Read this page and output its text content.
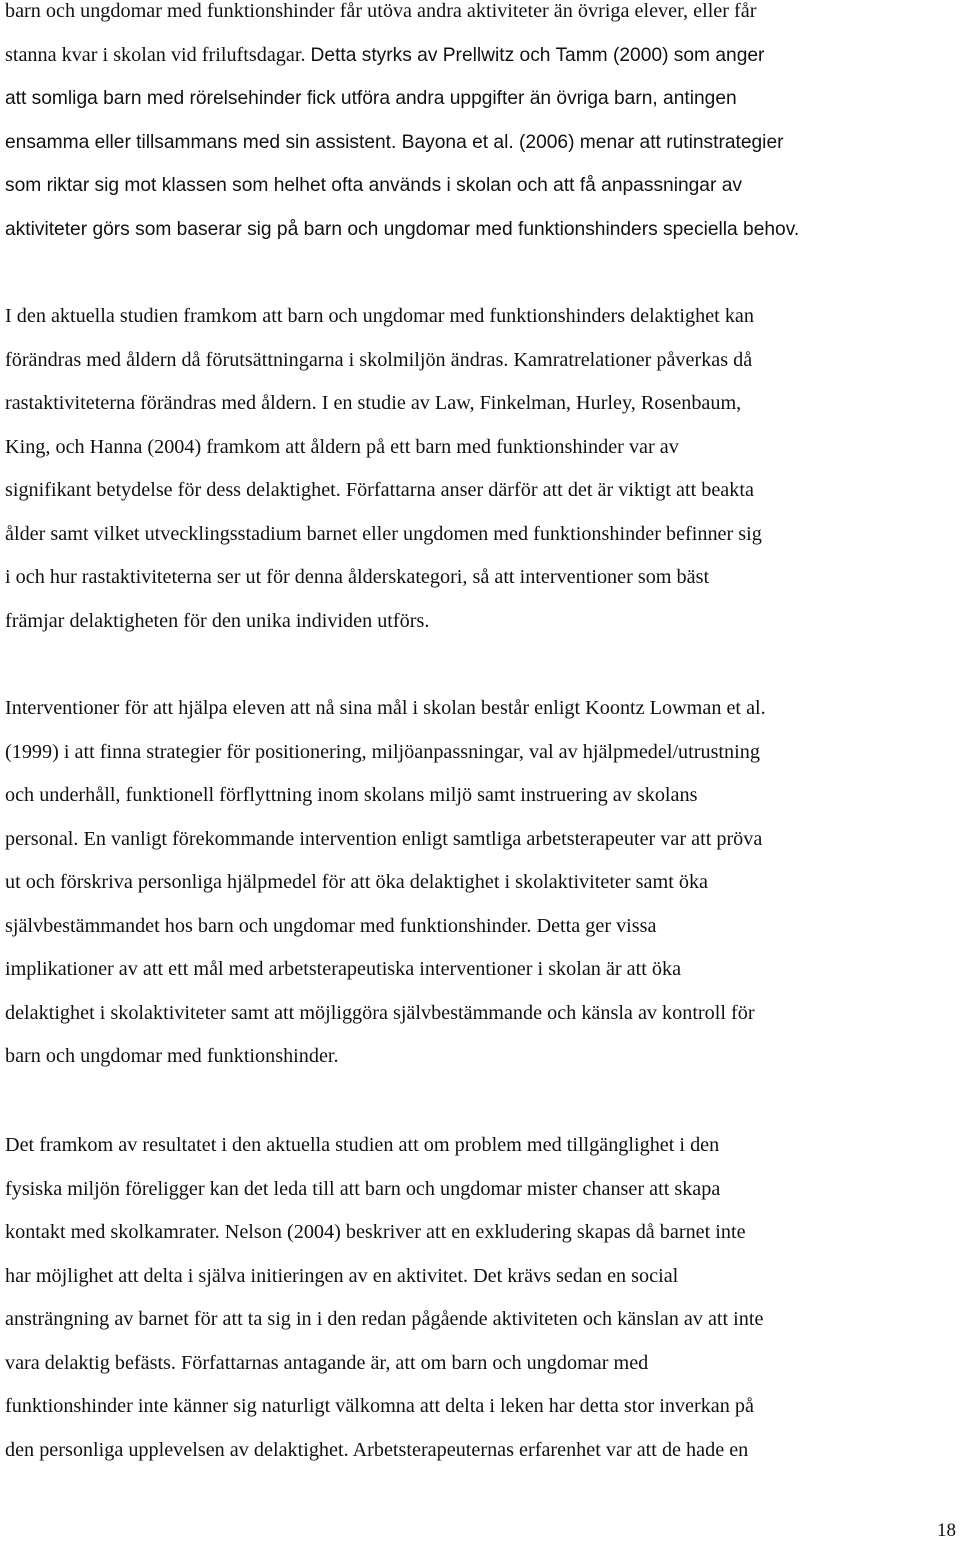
barn och ungdomar med funktionshinder får utöva andra aktiviteter än övriga elever, eller får
stanna kvar i skolan vid friluftsdagar. Detta styrks av Prellwitz och Tamm (2000) som anger
att somliga barn med rörelsehinder fick utföra andra uppgifter än övriga barn, antingen
ensamma eller tillsammans med sin assistent. Bayona et al. (2006) menar att rutinstrategier
som riktar sig mot klassen som helhet ofta används i skolan och att få anpassningar av
aktiviteter görs som baserar sig på barn och ungdomar med funktionshinders speciella behov.
I den aktuella studien framkom att barn och ungdomar med funktionshinders delaktighet kan
förändras med åldern då förutsättningarna i skolmiljön ändras. Kamratrelationer påverkas då
rastaktiviteterna förändras med åldern. I en studie av Law, Finkelman, Hurley, Rosenbaum,
King, och Hanna (2004) framkom att åldern på ett barn med funktionshinder var av
signifikant betydelse för dess delaktighet. Författarna anser därför att det är viktigt att beakta
ålder samt vilket utvecklingsstadium barnet eller ungdomen med funktionshinder befinner sig
i och hur rastaktiviteterna ser ut för denna ålderskategori, så att interventioner som bäst
främjar delaktigheten för den unika individen utförs.
Interventioner för att hjälpa eleven att nå sina mål i skolan består enligt Koontz Lowman et al.
(1999) i att finna strategier för positionering, miljöanpassningar, val av hjälpmedel/utrustning
och underhåll, funktionell förflyttning inom skolans miljö samt instruering av skolans
personal. En vanligt förekommande intervention enligt samtliga arbetsterapeuter var att pröva
ut och förskriva personliga hjälpmedel för att öka delaktighet i skolaktiviteter samt öka
självbestämmandet hos barn och ungdomar med funktionshinder. Detta ger vissa
implikationer av att ett mål med arbetsterapeutiska interventioner i skolan är att öka
delaktighet i skolaktiviteter samt att möjliggöra självbestämmande och känsla av kontroll för
barn och ungdomar med funktionshinder.
Det framkom av resultatet i den aktuella studien att om problem med tillgänglighet i den
fysiska miljön föreligger kan det leda till att barn och ungdomar mister chanser att skapa
kontakt med skolkamrater. Nelson (2004) beskriver att en exkludering skapas då barnet inte
har möjlighet att delta i själva initieringen av en aktivitet. Det krävs sedan en social
ansträngning av barnet för att ta sig in i den redan pågående aktiviteten och känslan av att inte
vara delaktig befästs. Författarnas antagande är, att om barn och ungdomar med
funktionshinder inte känner sig naturligt välkomna att delta i leken har detta stor inverkan på
den personliga upplevelsen av delaktighet. Arbetsterapeuternas erfarenhet var att de hade en
18
